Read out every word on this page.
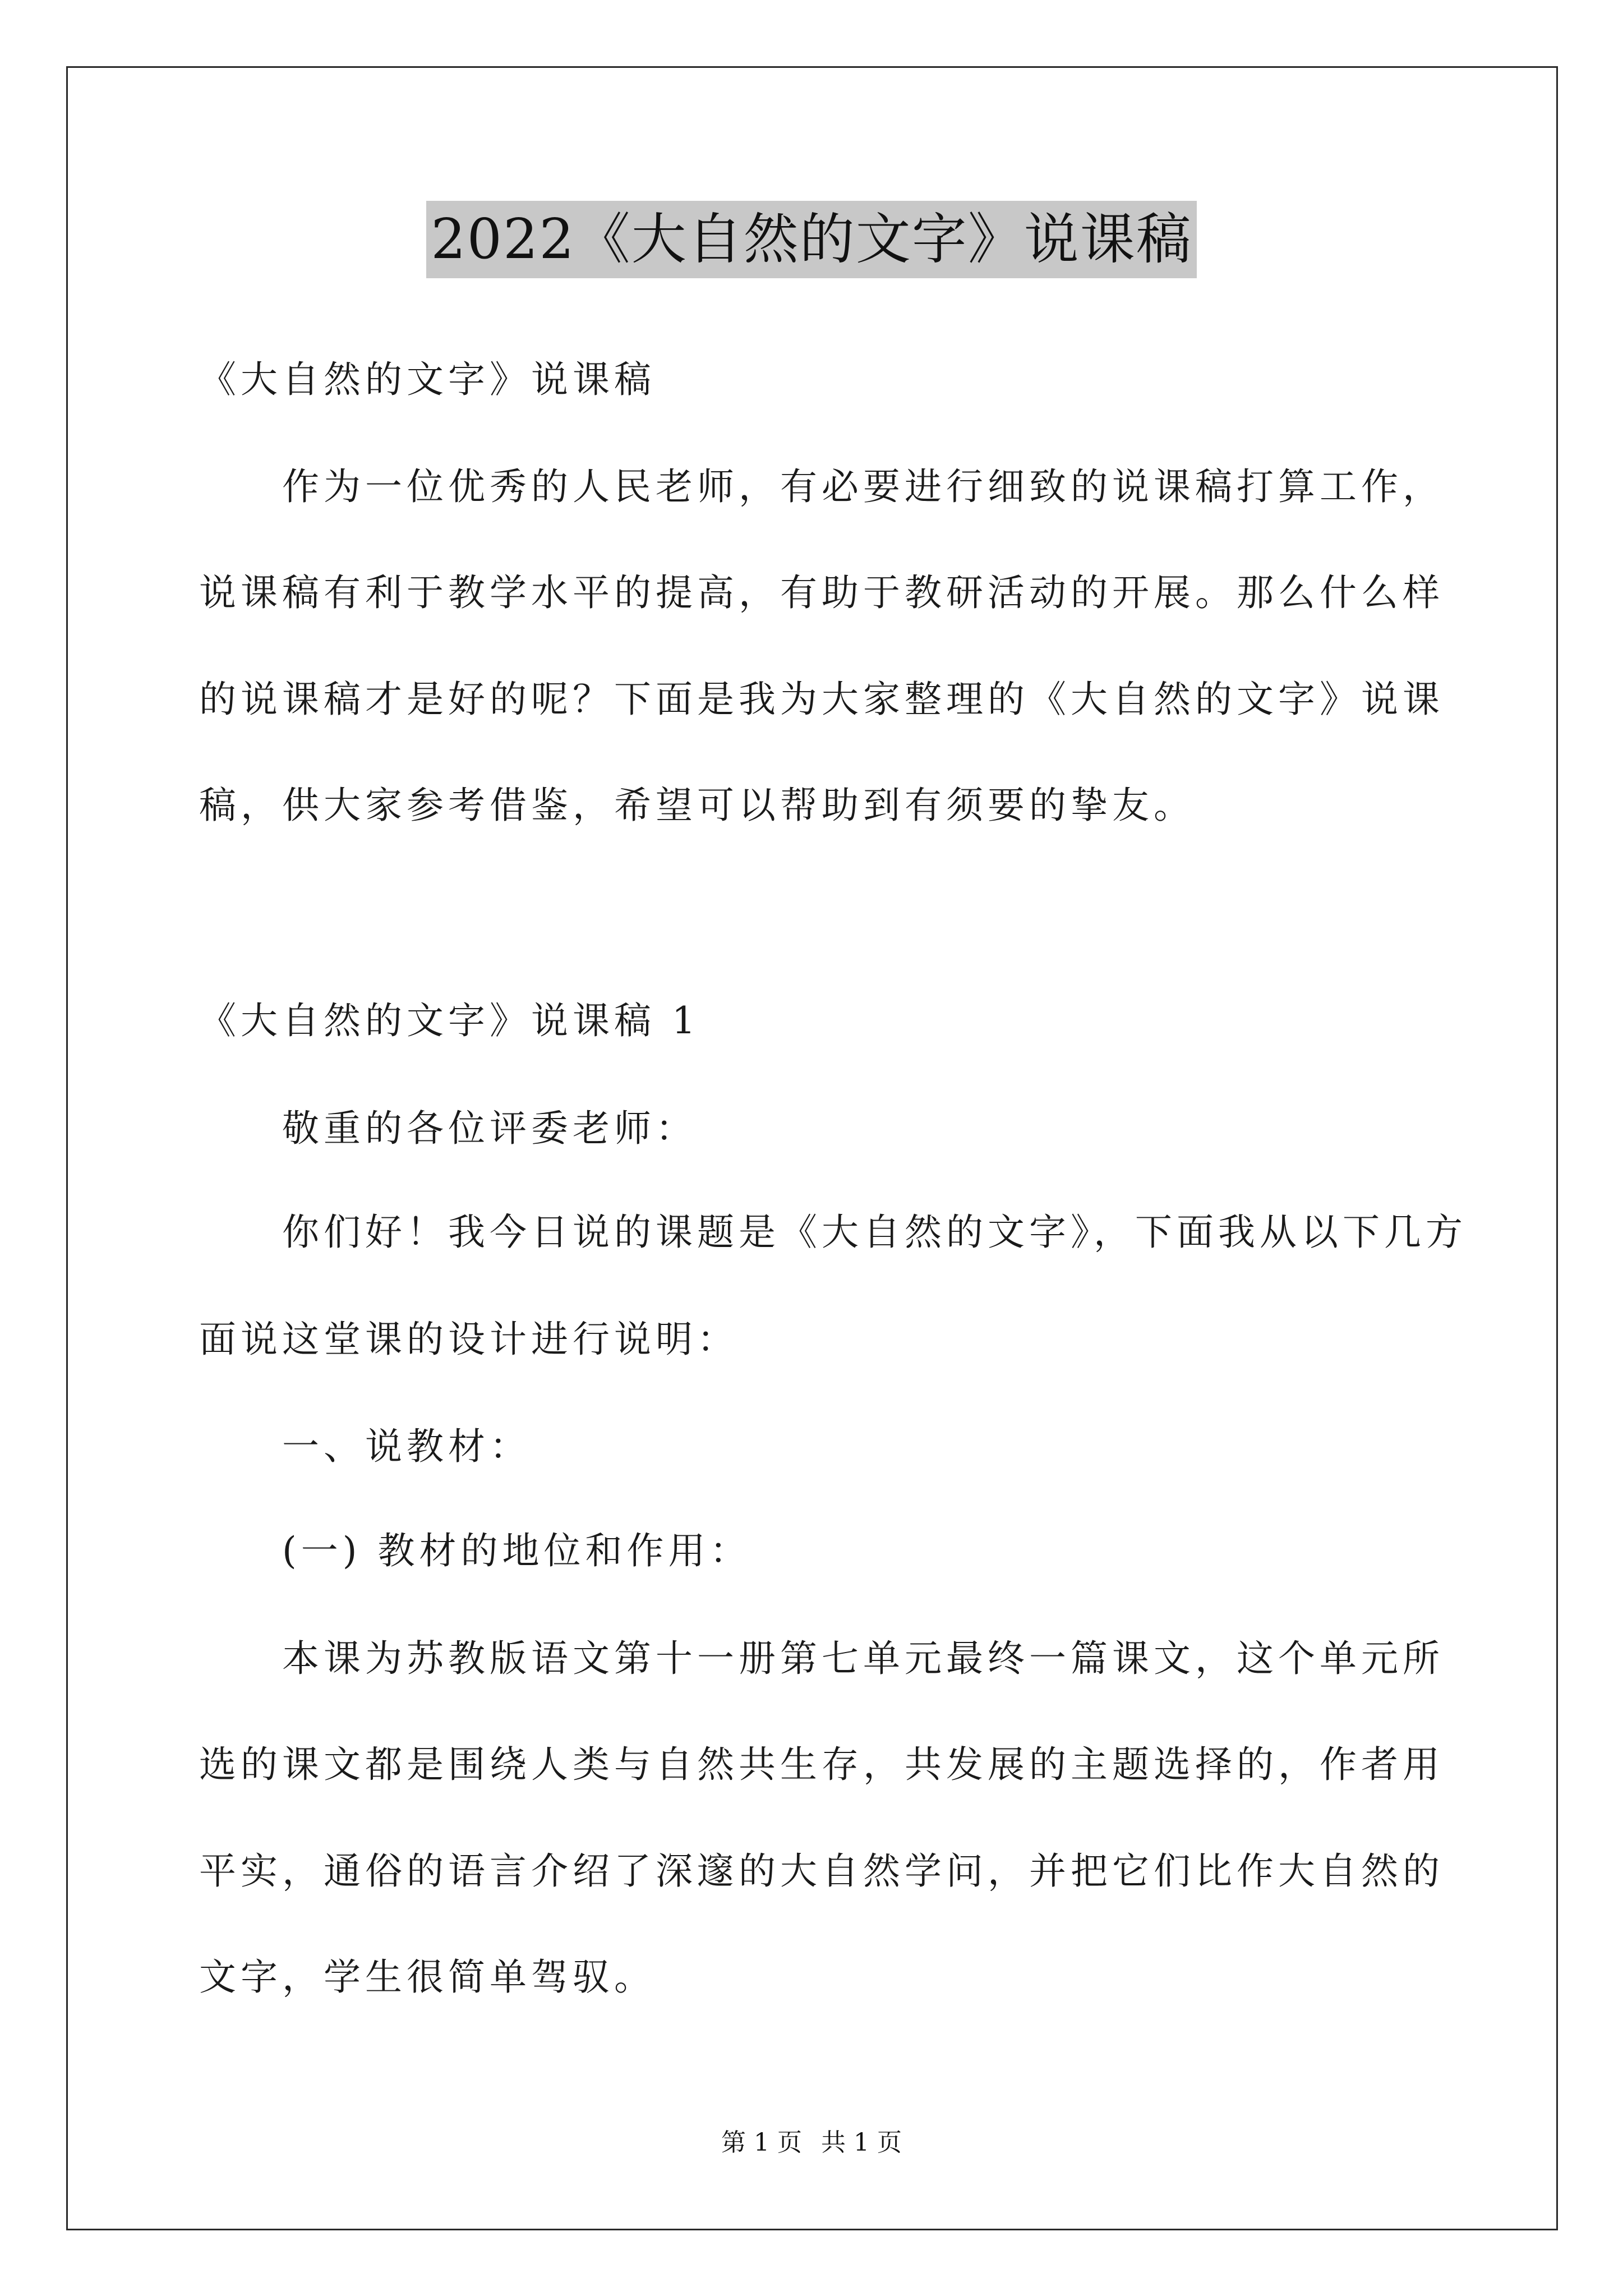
2022《大自然的文字》说课稿
《大自然的文字》说课稿
作为一位优秀的人民老师，有必要进行细致的说课稿打算工作，
说课稿有利于教学水平的提高，有助于教研活动的开展。那么什么样
的说课稿才是好的呢？下面是我为大家整理的《大自然的文字》说课
稿，供大家参考借鉴，希望可以帮助到有须要的挚友。
《大自然的文字》说课稿 1
敬重的各位评委老师：
你们好！我今日说的课题是《大自然的文字》，下面我从以下几方
面说这堂课的设计进行说明：
一、说教材：
(一) 教材的地位和作用：
本课为苏教版语文第十一册第七单元最终一篇课文，这个单元所
选的课文都是围绕人类与自然共生存，共发展的主题选择的，作者用
平实，通俗的语言介绍了深邃的大自然学问，并把它们比作大自然的
文字，学生很简单驾驭。
第 1 页 共 1 页
